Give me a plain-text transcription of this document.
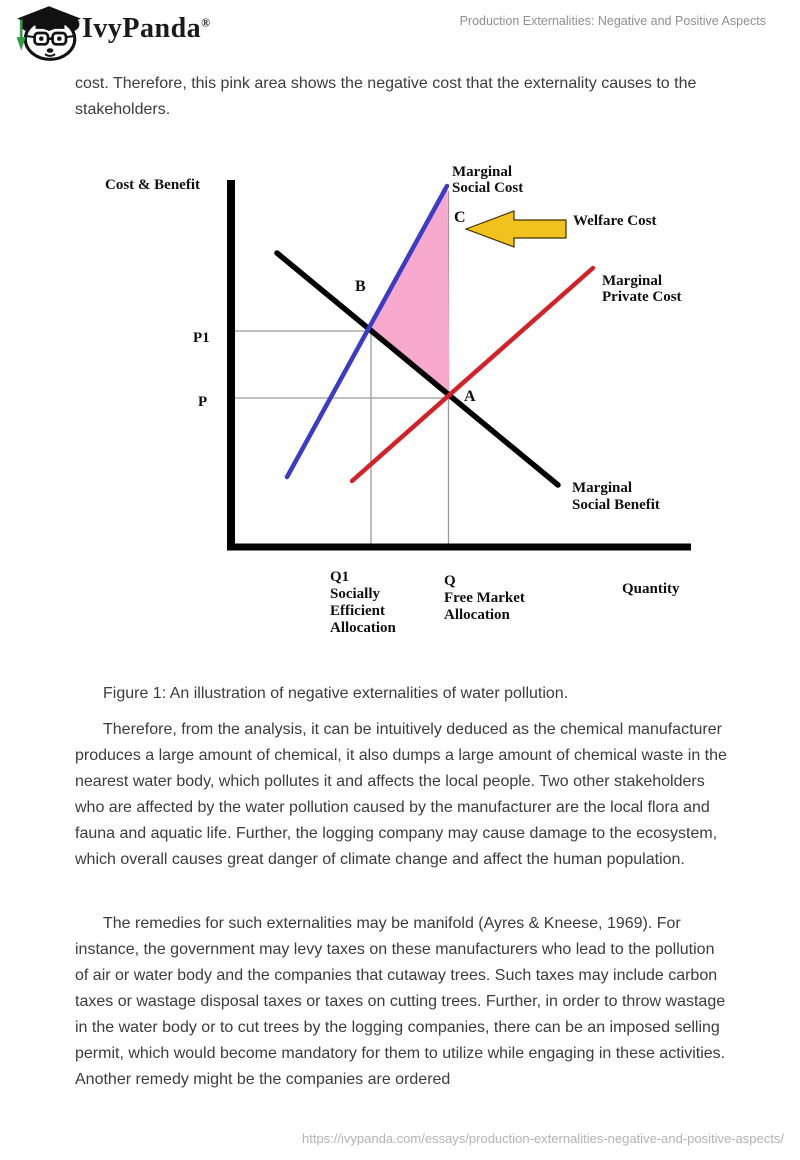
IvyPanda®	Production Externalities: Negative and Positive Aspects
cost. Therefore, this pink area shows the negative cost that the externality causes to the stakeholders.
Cost & Benefit
Marginal
Social Cost
C	Welfare Cost
B	Marginal
Private Cost
P1
P	A
Marginal
Social Benefit
Q1
Socially
Efficient
Allocation
Q
Free Market
Allocation
Quantity
Figure 1: An illustration of negative externalities of water pollution.
Therefore, from the analysis, it can be intuitively deduced as the chemical manufacturer produces a large amount of chemical, it also dumps a large amount of chemical waste in the nearest water body, which pollutes it and affects the local people. Two other stakeholders who are affected by the water pollution caused by the manufacturer are the local flora and fauna and aquatic life. Further, the logging company may cause damage to the ecosystem, which overall causes great danger of climate change and affect the human population.
The remedies for such externalities may be manifold (Ayres & Kneese, 1969). For instance, the government may levy taxes on these manufacturers who lead to the pollution of air or water body and the companies that cutaway trees. Such taxes may include carbon taxes or wastage disposal taxes or taxes on cutting trees. Further, in order to throw wastage in the water body or to cut trees by the logging companies, there can be an imposed selling permit, which would become mandatory for them to utilize while engaging in these activities. Another remedy might be the companies are ordered
https://ivypanda.com/essays/production-externalities-negative-and-positive-aspects/
